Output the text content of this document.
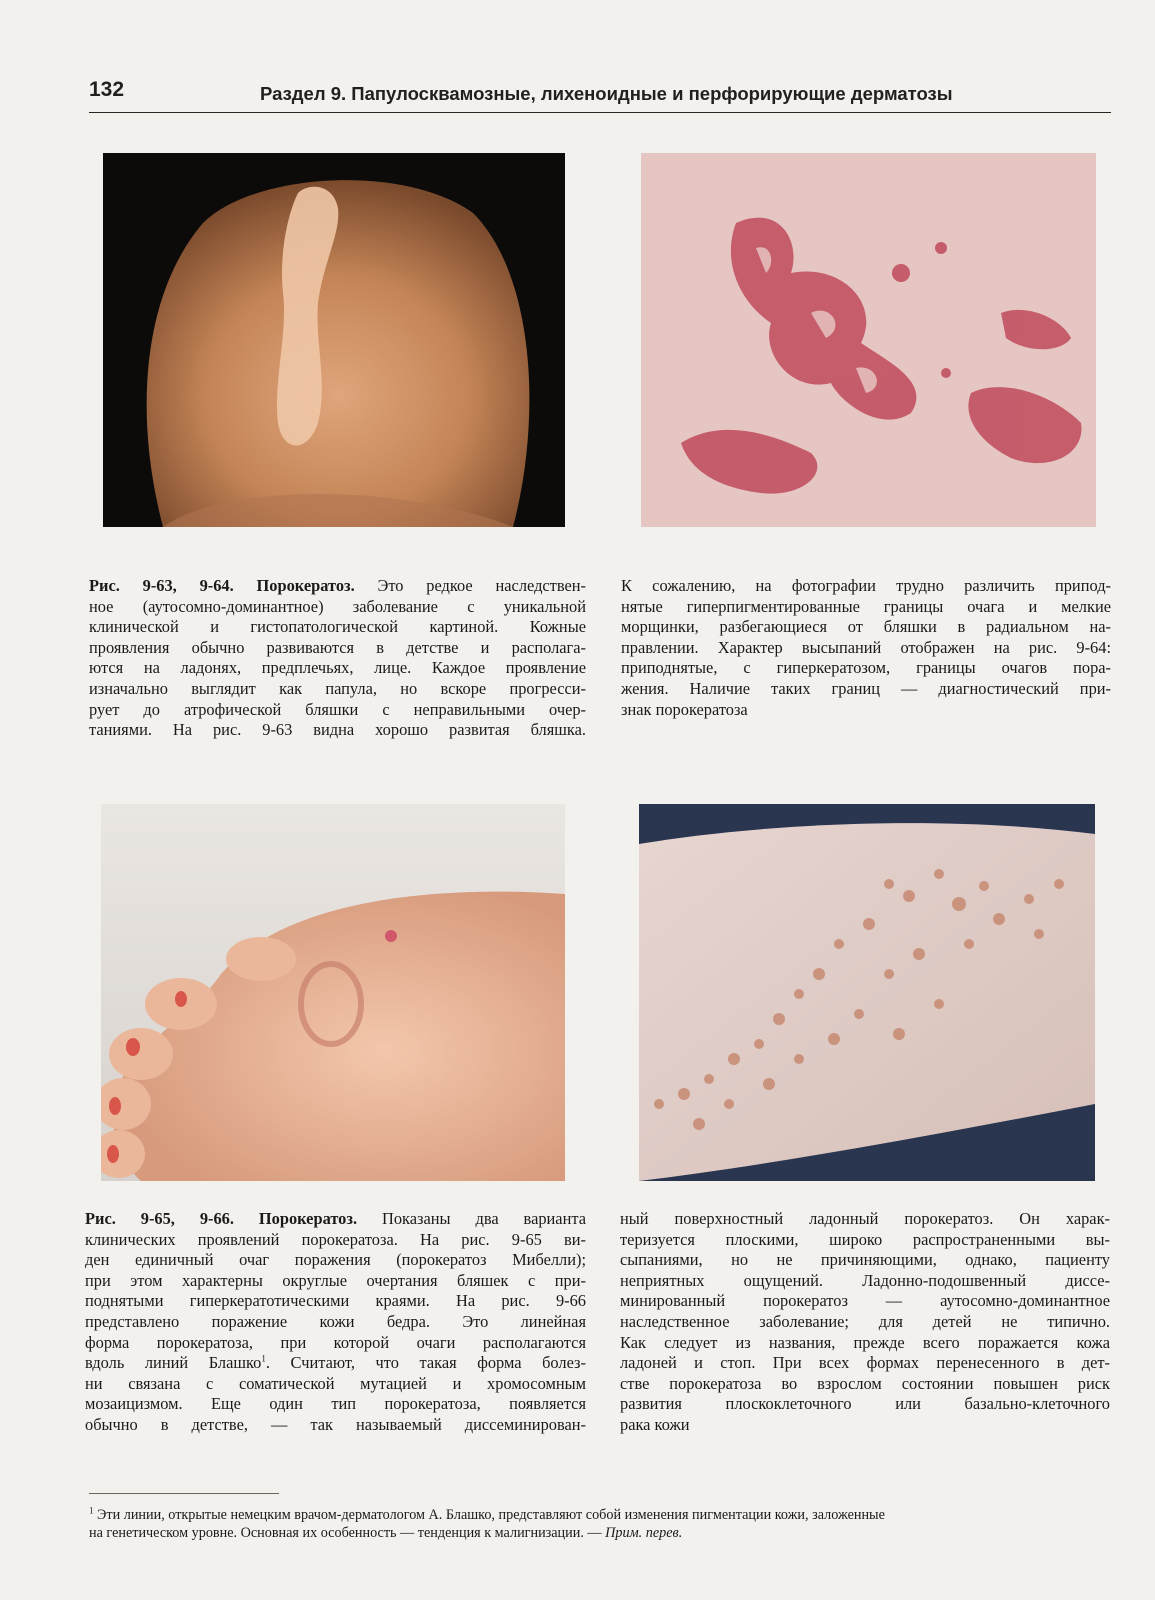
132	Раздел 9. Папулосквамозные, лихеноидные и перфорирующие дерматозы
Рис. 9-63, 9-64. Порокератоз. Это редкое наследствен-
ное (аутосомно-доминантное) заболевание с уникальной
клинической и гистопатологической картиной. Кожные
проявления обычно развиваются в детстве и располага-
ются на ладонях, предплечьях, лице. Каждое проявление
изначально выглядит как папула, но вскоре прогресси-
рует до атрофической бляшки с неправильными очер-
таниями. На рис. 9-63 видна хорошо развитая бляшка.
К сожалению, на фотографии трудно различить припод-
нятые гиперпигментированные границы очага и мелкие
морщинки, разбегающиеся от бляшки в радиальном на-
правлении. Характер высыпаний отображен на рис. 9-64:
приподнятые, с гиперкератозом, границы очагов пора-
жения. Наличие таких границ — диагностический при-
знак порокератоза
Рис. 9-65, 9-66. Порокератоз. Показаны два варианта
клинических проявлений порокератоза. На рис. 9-65 ви-
ден единичный очаг поражения (порокератоз Мибелли);
при этом характерны округлые очертания бляшек с при-
поднятыми гиперкератотическими краями. На рис. 9-66
представлено поражение кожи бедра. Это линейная
форма порокератоза, при которой очаги располагаются
вдоль линий Блашко$^1$. Считают, что такая форма болез-
ни связана с соматической мутацией и хромосомным
мозаицизмом. Еще один тип порокератоза, появляется
обычно в детстве, — так называемый диссеминирован-
ный поверхностный ладонный порокератоз. Он харак-
теризуется плоскими, широко распространенными вы-
сыпаниями, но не причиняющими, однако, пациенту
неприятных ощущений. Ладонно-подошвенный диссе-
минированный порокератоз — аутосомно-доминантное
наследственное заболевание; для детей не типично.
Как следует из названия, прежде всего поражается кожа
ладоней и стоп. При всех формах перенесенного в дет-
стве порокератоза во взрослом состоянии повышен риск
развития плоскоклеточного или базально-клеточного
рака кожи
$^1$ Эти линии, открытые немецким врачом-дерматологом А. Блашко, представляют собой изменения пигментации кожи, заложенные
на генетическом уровне. Основная их особенность — тенденция к малигнизации. — Прим. перев.
